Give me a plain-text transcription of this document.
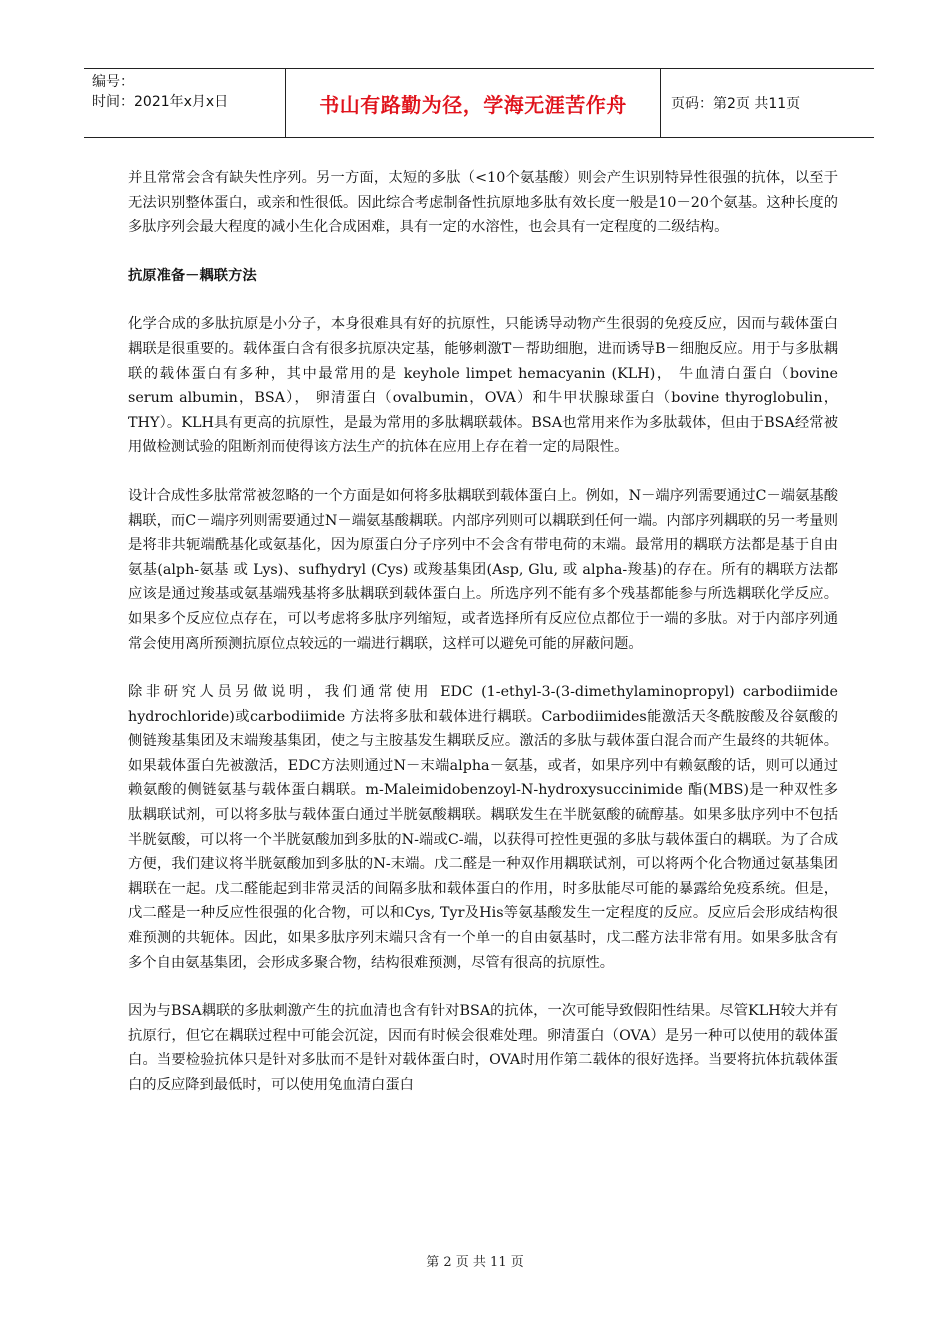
编号：
时间：2021年x月x日	书山有路勤为径，学海无涯苦作舟	页码：第2页 共11页

并且常常会含有缺失性序列。另一方面，太短的多肽（<10个氨基酸）则会产生识别特异性很强的抗体，以至于无法识别整体蛋白，或亲和性很低。因此综合考虑制备性抗原地多肽有效长度一般是10－20个氨基。这种长度的多肽序列会最大程度的减小生化合成困难，具有一定的水溶性，也会具有一定程度的二级结构。

抗原准备－耦联方法

化学合成的多肽抗原是小分子，本身很难具有好的抗原性，只能诱导动物产生很弱的免疫反应，因而与载体蛋白耦联是很重要的。载体蛋白含有很多抗原决定基，能够刺激T－帮助细胞，进而诱导B－细胞反应。用于与多肽耦联的载体蛋白有多种，其中最常用的是 keyhole limpet hemacyanin (KLH)， 牛血清白蛋白（bovine serum albumin，BSA）， 卵清蛋白（ovalbumin，OVA）和牛甲状腺球蛋白（bovine thyroglobulin，THY）。KLH具有更高的抗原性，是最为常用的多肽耦联载体。BSA也常用来作为多肽载体，但由于BSA经常被用做检测试验的阻断剂而使得该方法生产的抗体在应用上存在着一定的局限性。

设计合成性多肽常常被忽略的一个方面是如何将多肽耦联到载体蛋白上。例如，N－端序列需要通过C－端氨基酸耦联，而C－端序列则需要通过N－端氨基酸耦联。内部序列则可以耦联到任何一端。内部序列耦联的另一考量则是将非共轭端酰基化或氨基化，因为原蛋白分子序列中不会含有带电荷的末端。最常用的耦联方法都是基于自由氨基(alph-氨基 或 Lys)、sufhydryl (Cys) 或羧基集团(Asp, Glu, 或 alpha-羧基)的存在。所有的耦联方法都应该是通过羧基或氨基端残基将多肽耦联到载体蛋白上。所选序列不能有多个残基都能参与所选耦联化学反应。如果多个反应位点存在，可以考虑将多肽序列缩短，或者选择所有反应位点都位于一端的多肽。对于内部序列通常会使用离所预测抗原位点较远的一端进行耦联，这样可以避免可能的屏蔽问题。

除非研究人员另做说明，我们通常使用 EDC (1-ethyl-3-(3-dimethylaminopropyl) carbodiimide hydrochloride)或carbodiimide 方法将多肽和载体进行耦联。Carbodiimides能激活天冬酰胺酸及谷氨酸的侧链羧基集团及末端羧基集团，使之与主胺基发生耦联反应。激活的多肽与载体蛋白混合而产生最终的共轭体。如果载体蛋白先被激活，EDC方法则通过N－末端alpha－氨基，或者，如果序列中有赖氨酸的话，则可以通过赖氨酸的侧链氨基与载体蛋白耦联。m-Maleimidobenzoyl-N-hydroxysuccinimide 酯(MBS)是一种双性多肽耦联试剂，可以将多肽与载体蛋白通过半胱氨酸耦联。耦联发生在半胱氨酸的硫醇基。如果多肽序列中不包括半胱氨酸，可以将一个半胱氨酸加到多肽的N-端或C-端，以获得可控性更强的多肽与载体蛋白的耦联。为了合成方便，我们建议将半胱氨酸加到多肽的N-末端。戊二醛是一种双作用耦联试剂，可以将两个化合物通过氨基集团耦联在一起。戊二醛能起到非常灵活的间隔多肽和载体蛋白的作用，时多肽能尽可能的暴露给免疫系统。但是，戊二醛是一种反应性很强的化合物，可以和Cys, Tyr及His等氨基酸发生一定程度的反应。反应后会形成结构很难预测的共轭体。因此，如果多肽序列末端只含有一个单一的自由氨基时，戊二醛方法非常有用。如果多肽含有多个自由氨基集团，会形成多聚合物，结构很难预测，尽管有很高的抗原性。

因为与BSA耦联的多肽刺激产生的抗血清也含有针对BSA的抗体，一次可能导致假阳性结果。尽管KLH较大并有抗原行，但它在耦联过程中可能会沉淀，因而有时候会很难处理。卵清蛋白（OVA）是另一种可以使用的载体蛋白。当要检验抗体只是针对多肽而不是针对载体蛋白时，OVA时用作第二载体的很好选择。当要将抗体抗载体蛋白的反应降到最低时，可以使用兔血清白蛋白

第 2 页 共 11 页
